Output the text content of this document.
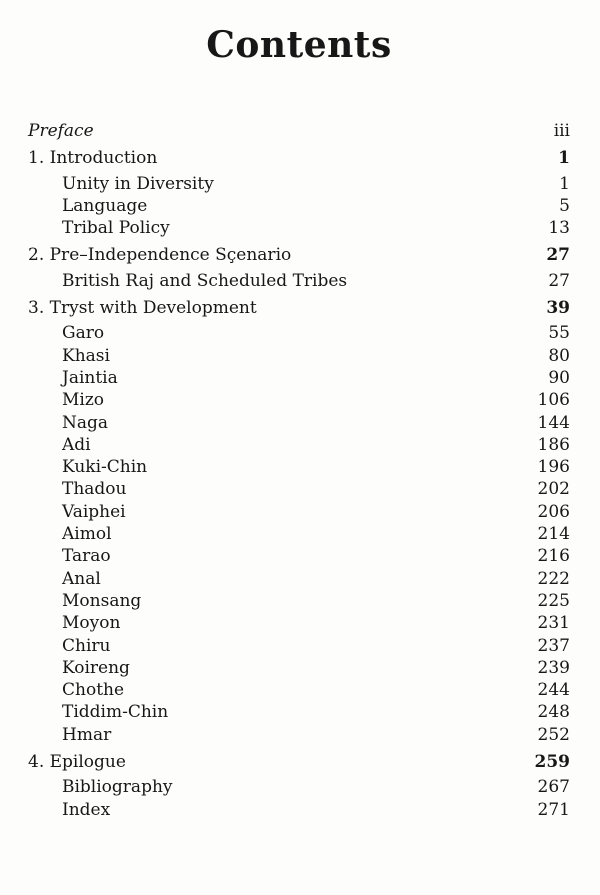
Contents
Preface	iii
1. Introduction	1
Unity in Diversity	1
Language	5
Tribal Policy	13
2. Pre–Independence Sçenario	27
British Raj and Scheduled Tribes	27
3. Tryst with Development	39
Garo	55
Khasi	80
Jaintia	90
Mizo	106
Naga	144
Adi	186
Kuki-Chin	196
Thadou	202
Vaiphei	206
Aimol	214
Tarao	216
Anal	222
Monsang	225
Moyon	231
Chiru	237
Koireng	239
Chothe	244
Tiddim-Chin	248
Hmar	252
4. Epilogue	259
Bibliography	267
Index	271
